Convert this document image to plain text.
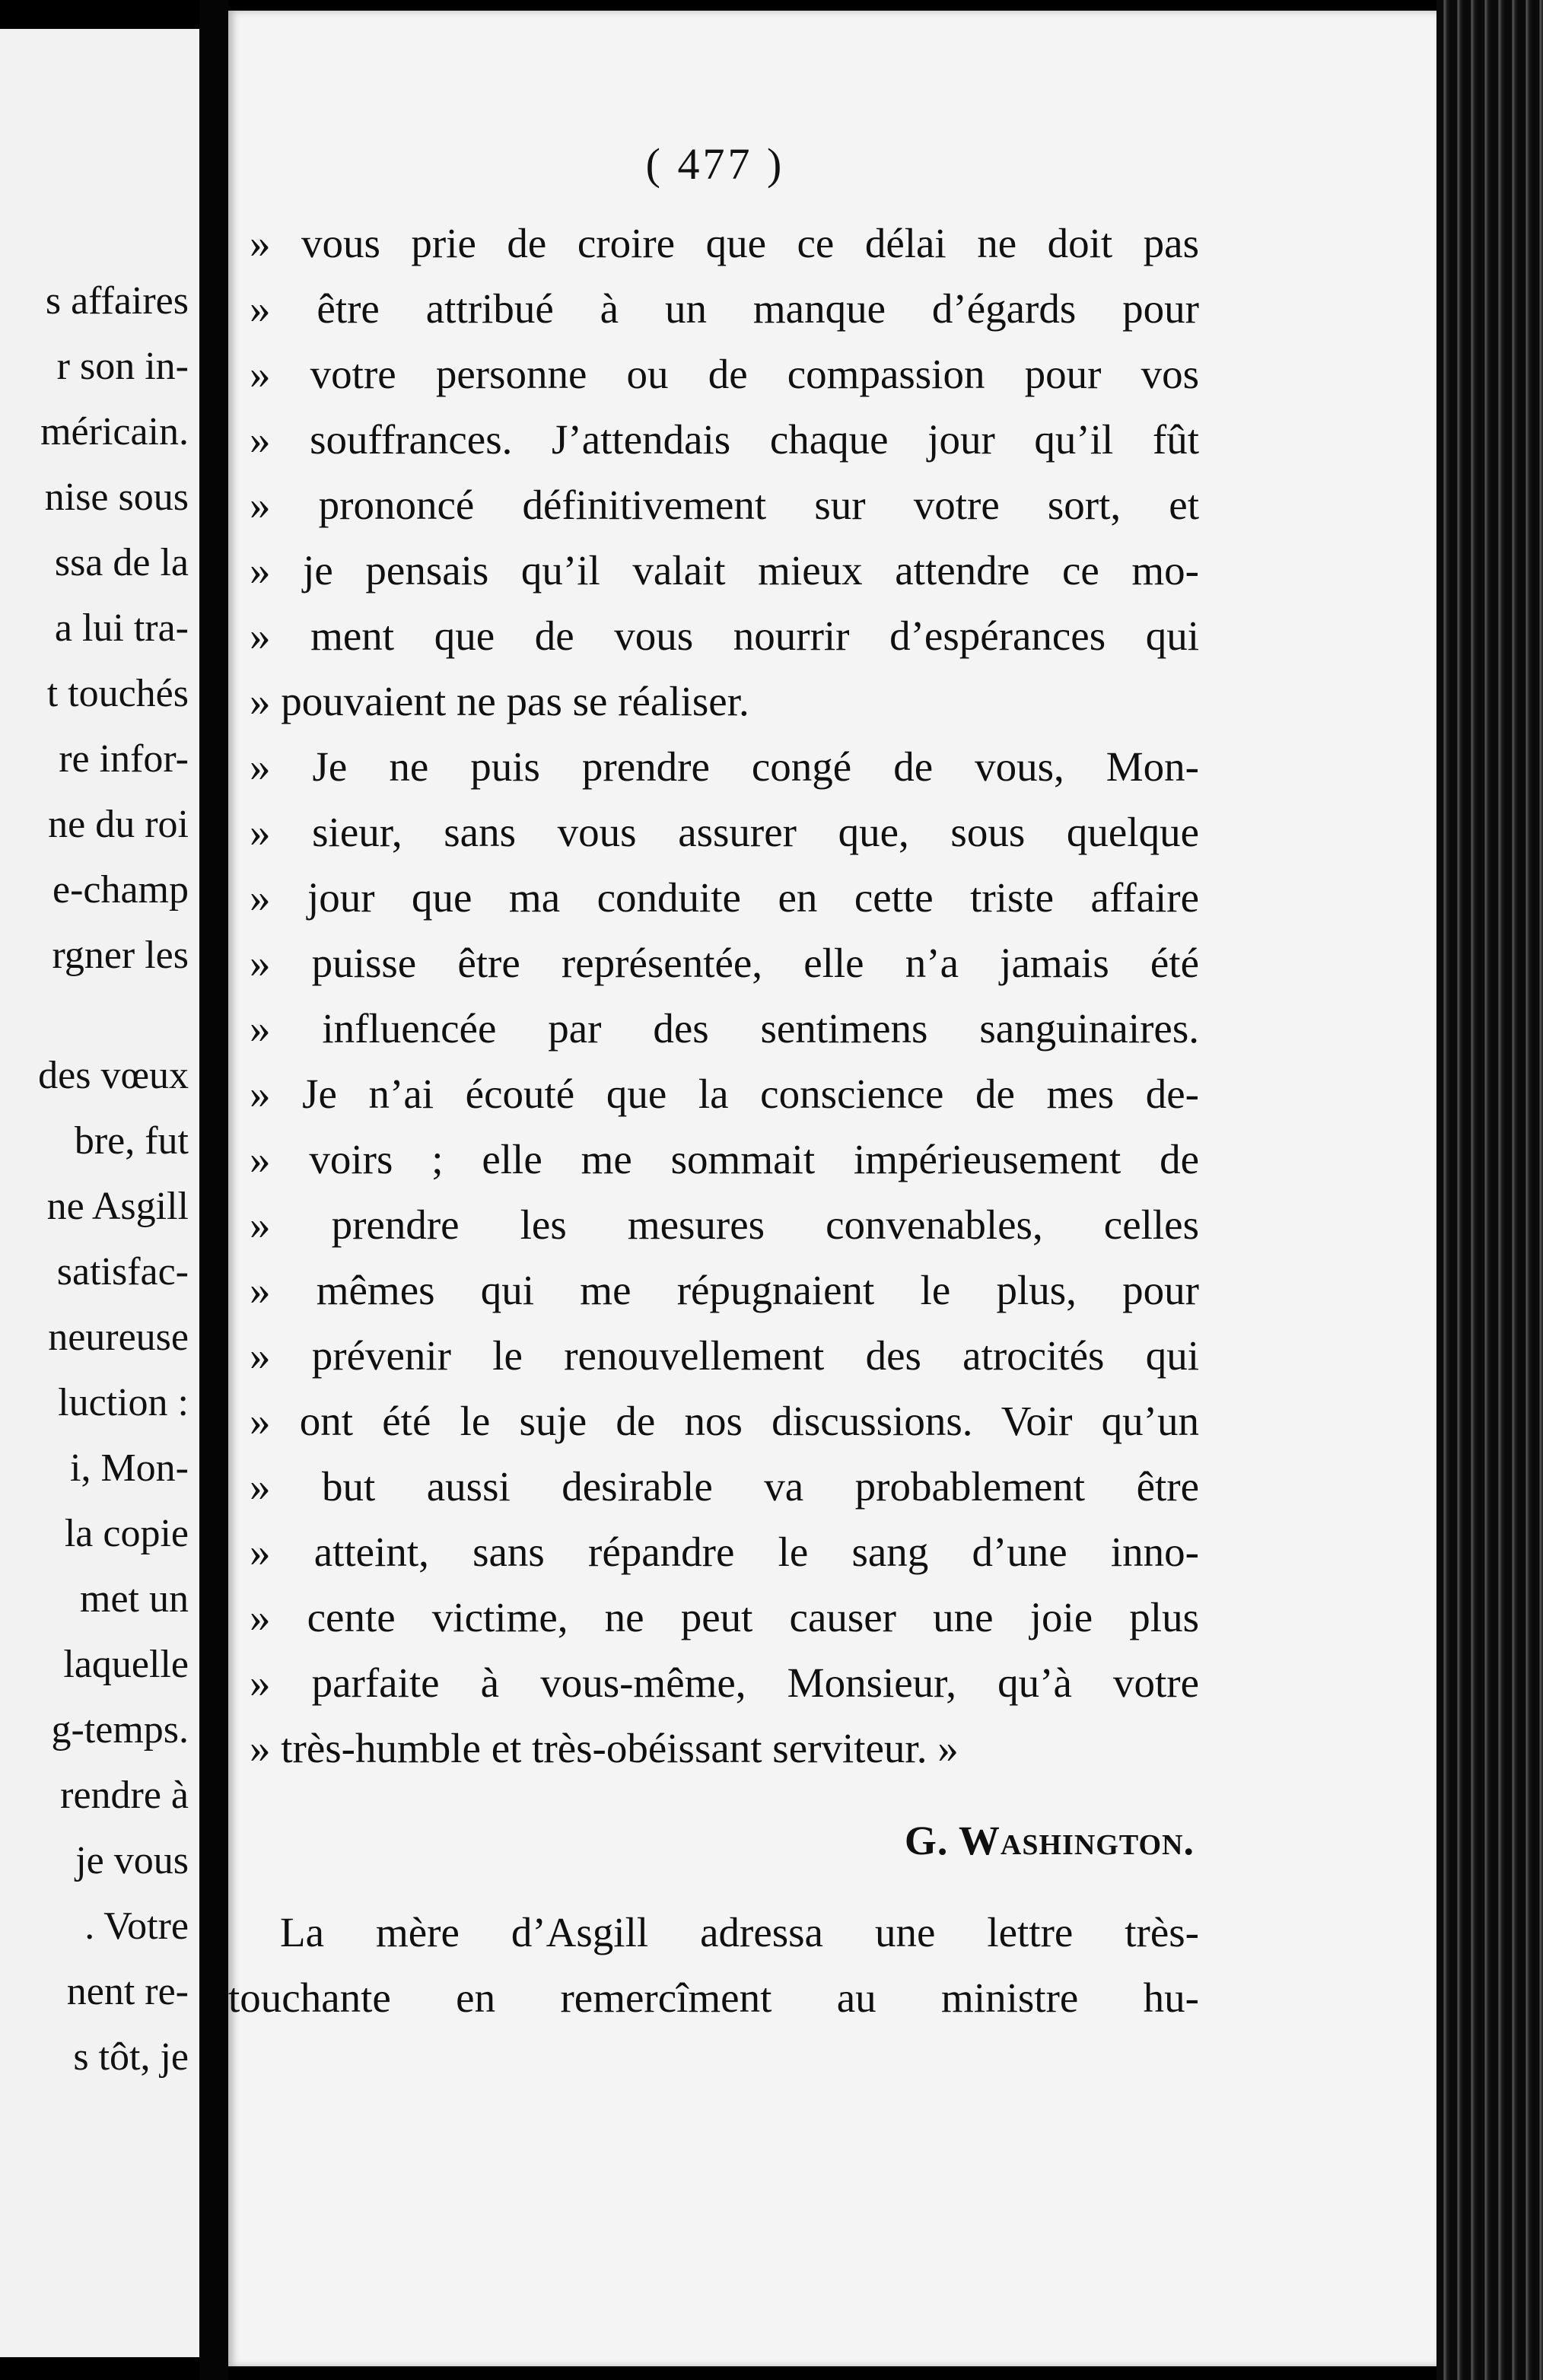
s affaires
r son in-
méricain.
nise sous
ssa de la
a lui tra-
t touchés
re infor-
ne du roi
e-champ
rgner les
des vœux
bre, fut
ne Asgill
satisfac-
neureuse
luction :
i, Mon-
la copie
met un
laquelle
g-temps.
rendre à
je vous
. Votre
nent re-
s tôt, je
( 477 )
» vous prie de croire que ce délai ne doit pas
» être attribué à un manque d’égards pour
» votre personne ou de compassion pour vos
» souffrances. J’attendais chaque jour qu’il fût
» prononcé définitivement sur votre sort, et
» je pensais qu’il valait mieux attendre ce mo-
» ment que de vous nourrir d’espérances qui
» pouvaient ne pas se réaliser.
» Je ne puis prendre congé de vous, Mon-
» sieur, sans vous assurer que, sous quelque
» jour que ma conduite en cette triste affaire
» puisse être représentée, elle n’a jamais été
» influencée par des sentimens sanguinaires.
» Je n’ai écouté que la conscience de mes de-
» voirs ; elle me sommait impérieusement de
» prendre les mesures convenables, celles
» mêmes qui me répugnaient le plus, pour
» prévenir le renouvellement des atrocités qui
» ont été le suje de nos discussions. Voir qu’un
» but aussi desirable va probablement être
» atteint, sans répandre le sang d’une inno-
» cente victime, ne peut causer une joie plus
» parfaite à vous-même, Monsieur, qu’à votre
» très-humble et très-obéissant serviteur. »
G. Washington.
La mère d’Asgill adressa une lettre très-
touchante en remercîment au ministre hu-
